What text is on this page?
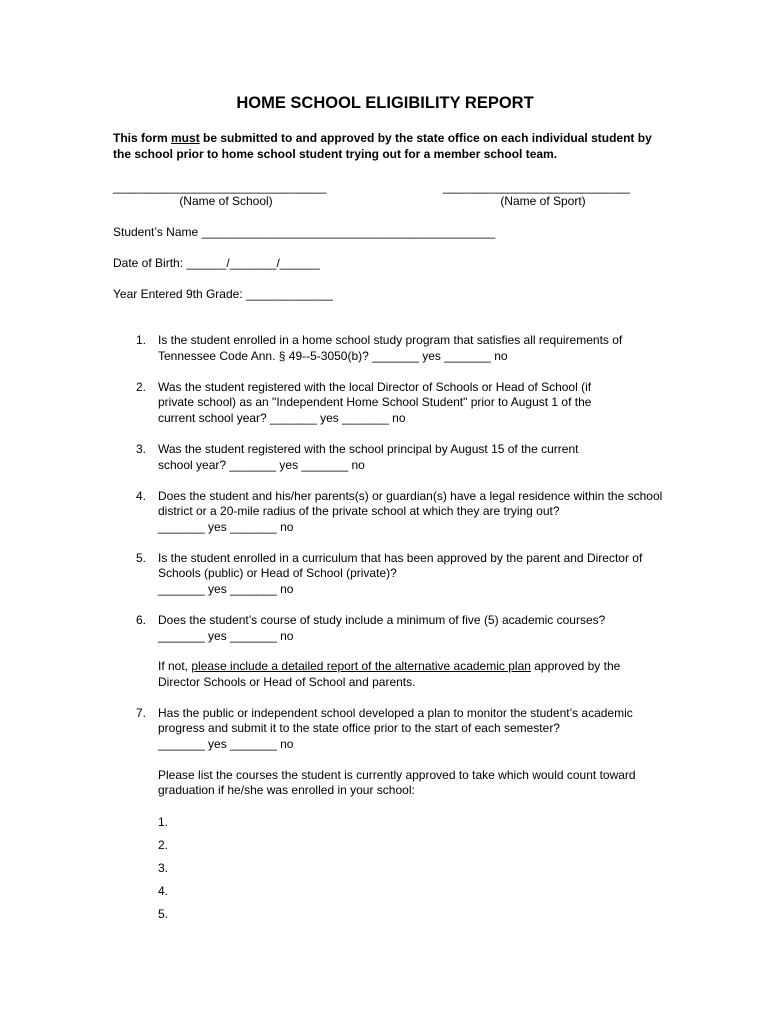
HOME SCHOOL ELIGIBILITY REPORT
This form must be submitted to and approved by the state office on each individual student by
the school prior to home school student trying out for a member school team.
________________________________
(Name of School)
____________________________
(Name of Sport)
Student’s Name ____________________________________________
Date of Birth: ______/_______/______
Year Entered 9th Grade: _____________
1. Is the student enrolled in a home school study program that satisfies all requirements of
Tennessee Code Ann. § 49--5-3050(b)? _______ yes _______ no
2. Was the student registered with the local Director of Schools or Head of School (if
private school) as an "Independent Home School Student" prior to August 1 of the
current school year? _______ yes _______ no
3. Was the student registered with the school principal by August 15 of the current
school year? _______ yes _______ no
4. Does the student and his/her parents(s) or guardian(s) have a legal residence within the school
district or a 20-mile radius of the private school at which they are trying out?
_______ yes _______ no
5. Is the student enrolled in a curriculum that has been approved by the parent and Director of
Schools (public) or Head of School (private)?
_______ yes _______ no
6. Does the student’s course of study include a minimum of five (5) academic courses?
_______ yes _______ no
If not, please include a detailed report of the alternative academic plan approved by the
Director Schools or Head of School and parents.
7. Has the public or independent school developed a plan to monitor the student’s academic
progress and submit it to the state office prior to the start of each semester?
_______ yes _______ no
Please list the courses the student is currently approved to take which would count toward
graduation if he/she was enrolled in your school:
1.
2.
3.
4.
5.
